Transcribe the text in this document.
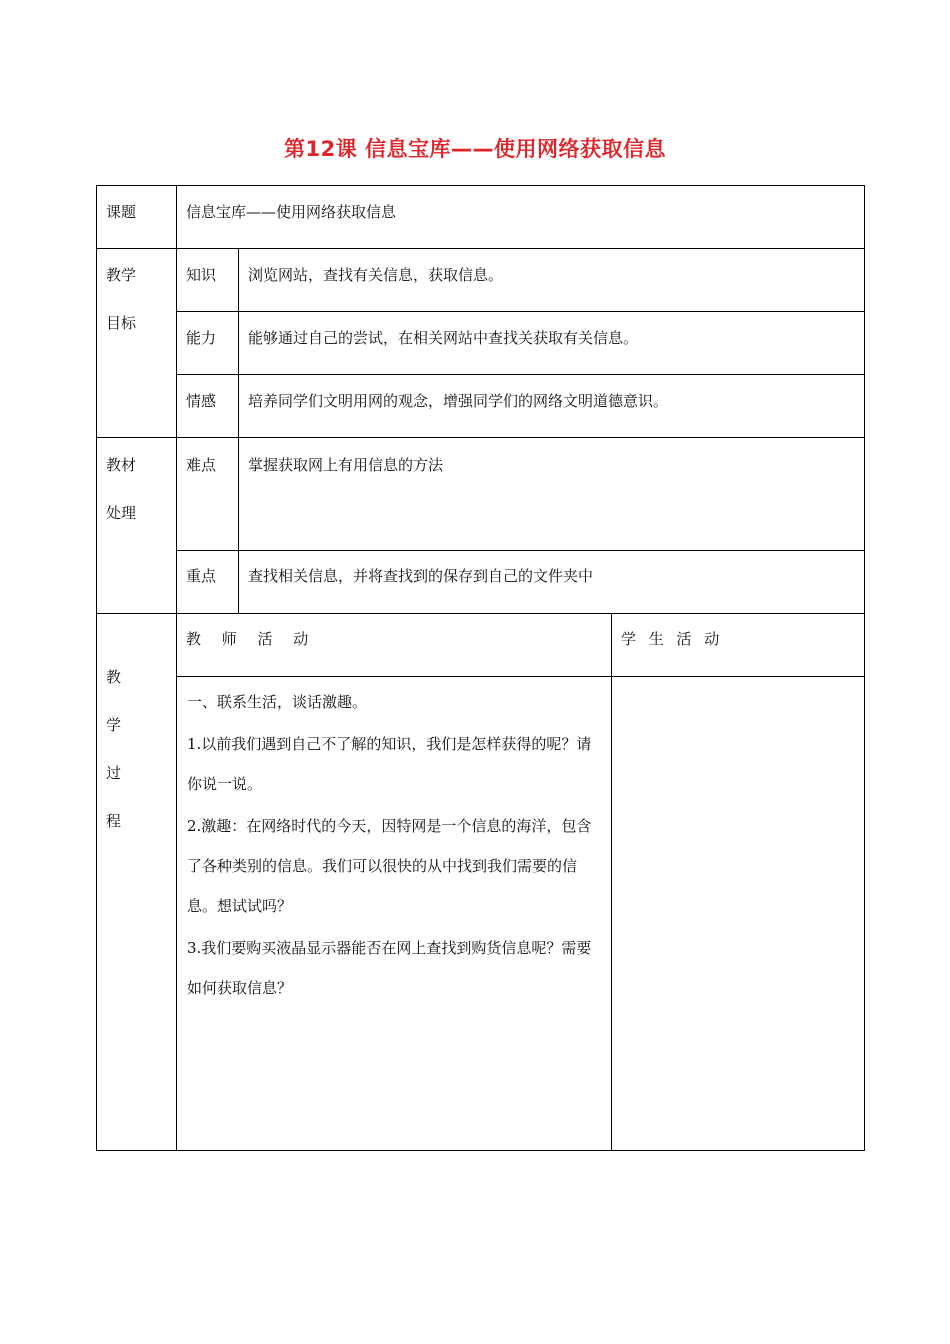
第12课 信息宝库——使用网络获取信息
课题	信息宝库——使用网络获取信息
教学
目标
知识 浏览网站，查找有关信息，获取信息。
能力 能够通过自己的尝试，在相关网站中查找关获取有关信息。
情感 培养同学们文明用网的观念，增强同学们的网络文明道德意识。
教材
处理
难点 掌握获取网上有用信息的方法
重点 查找相关信息，并将查找到的保存到自己的文件夹中
教
学
过
程
教 师 活 动	学 生 活 动

一、联系生活，谈话激趣。

1.以前我们遇到自己不了解的知识，我们是怎样获得的呢？请你说一说。

2.激趣：在网络时代的今天，因特网是一个信息的海洋，包含了各种类别的信息。我们可以很快的从中找到我们需要的信息。想试试吗？

3.我们要购买液晶显示器能否在网上查找到购货信息呢？需要如何获取信息？
